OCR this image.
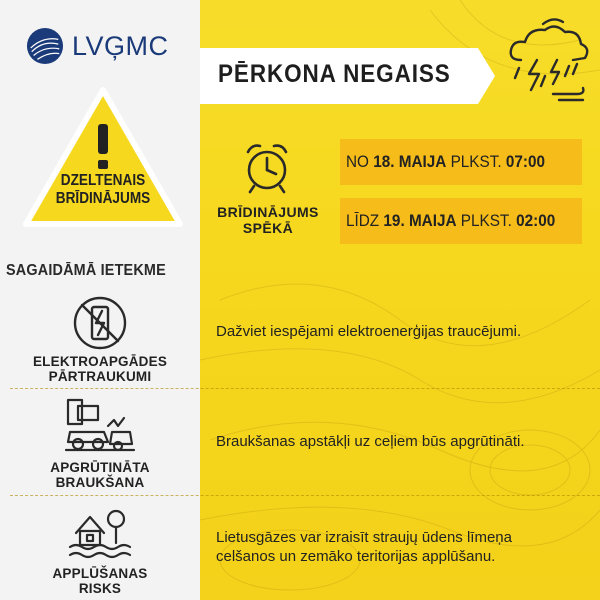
LVĢMC
DZELTENAIS
BRĪDINĀJUMS
PĒRKONA NEGAISS
BRĪDINĀJUMS
SPĒKĀ
NO 18. MAIJA PLKST. 07:00
LĪDZ 19. MAIJA PLKST. 02:00
SAGAIDĀMĀ IETEKME
ELEKTROAPGĀDES
PĀRTRAUKUMI
Dažviet iespējami elektroenerģijas traucējumi.
APGRŪTINĀTA
BRAUKŠANA
Braukšanas apstākļi uz ceļiem būs apgrūtināti.
APPLŪŠANAS
RISKS
Lietusgāzes var izraisīt straujų ūdens līmeņa
celšanos un zemāko teritorijas applūšanu.
